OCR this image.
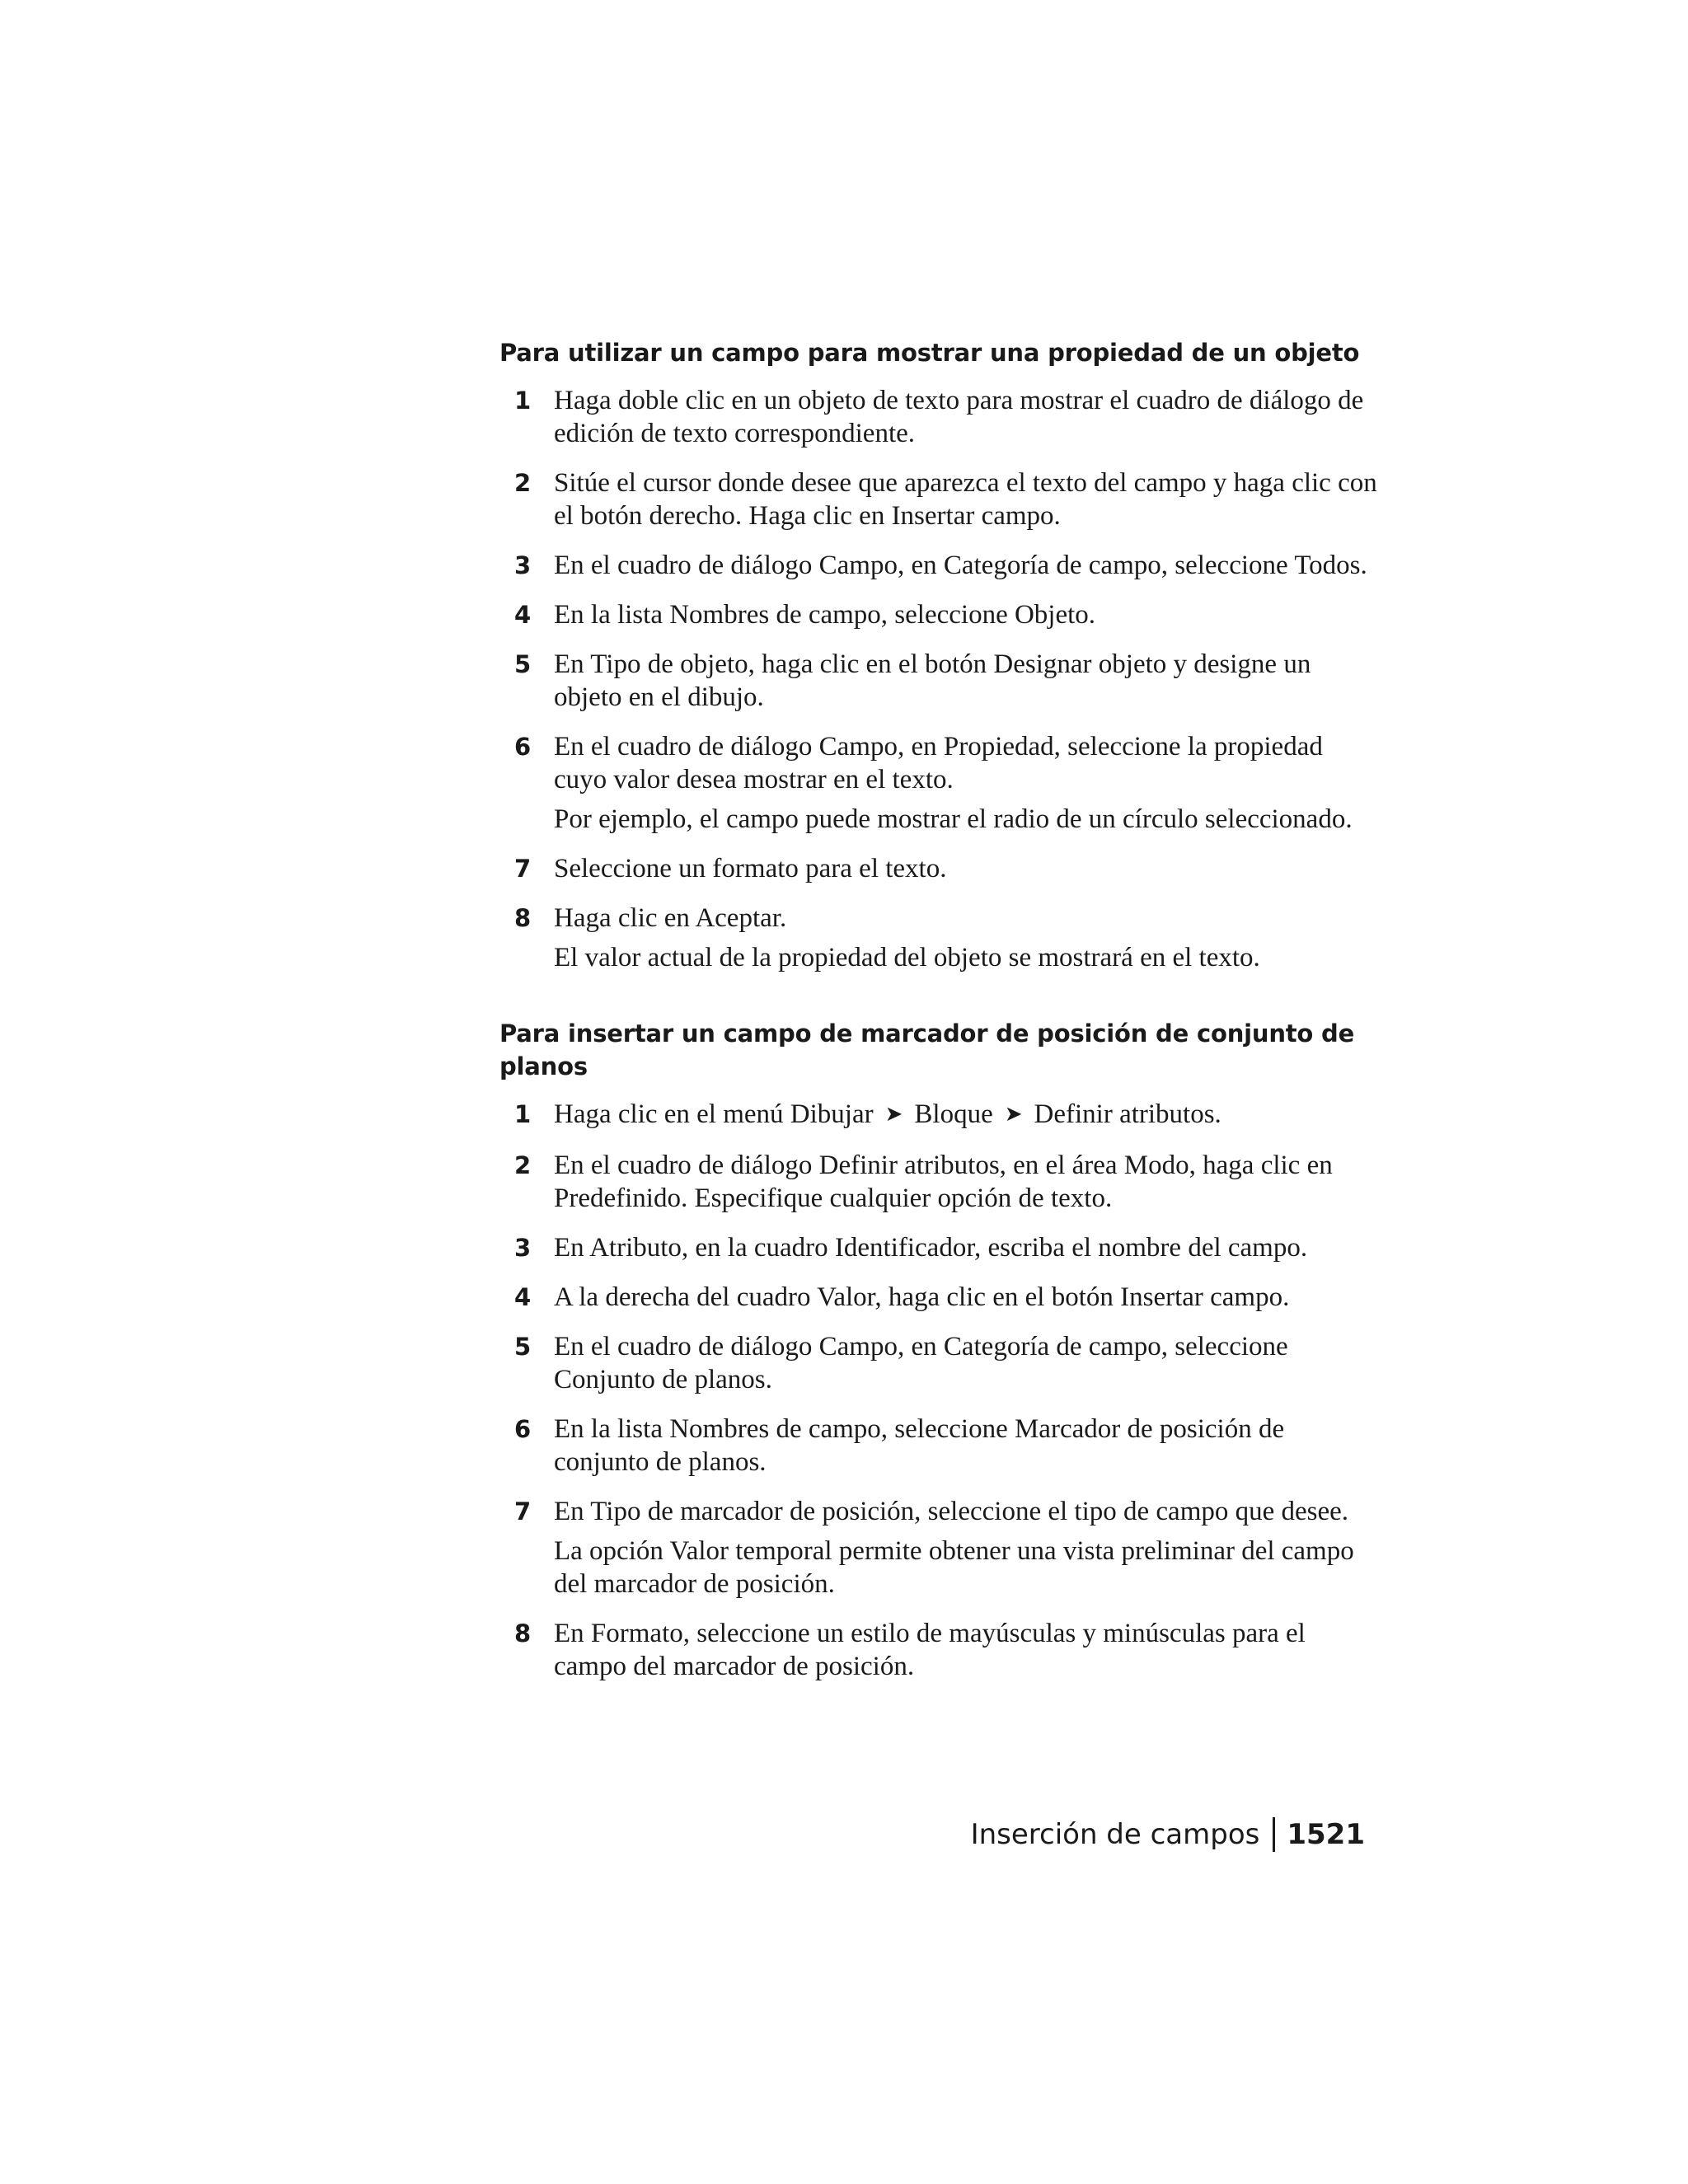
Para utilizar un campo para mostrar una propiedad de un objeto
1 Haga doble clic en un objeto de texto para mostrar el cuadro de diálogo de edición de texto correspondiente.

2 Sitúe el cursor donde desee que aparezca el texto del campo y haga clic con el botón derecho. Haga clic en Insertar campo.

3 En el cuadro de diálogo Campo, en Categoría de campo, seleccione Todos.

4 En la lista Nombres de campo, seleccione Objeto.

5 En Tipo de objeto, haga clic en el botón Designar objeto y designe un objeto en el dibujo.

6 En el cuadro de diálogo Campo, en Propiedad, seleccione la propiedad cuyo valor desea mostrar en el texto.

Por ejemplo, el campo puede mostrar el radio de un círculo seleccionado.

7 Seleccione un formato para el texto.

8 Haga clic en Aceptar.

El valor actual de la propiedad del objeto se mostrará en el texto.

Para insertar un campo de marcador de posición de conjunto de planos
1 Haga clic en el menú Dibujar ➤ Bloque ➤ Definir atributos.

2 En el cuadro de diálogo Definir atributos, en el área Modo, haga clic en Predefinido. Especifique cualquier opción de texto.

3 En Atributo, en la cuadro Identificador, escriba el nombre del campo.

4 A la derecha del cuadro Valor, haga clic en el botón Insertar campo.

5 En el cuadro de diálogo Campo, en Categoría de campo, seleccione Conjunto de planos.

6 En la lista Nombres de campo, seleccione Marcador de posición de conjunto de planos.

7 En Tipo de marcador de posición, seleccione el tipo de campo que desee.

La opción Valor temporal permite obtener una vista preliminar del campo del marcador de posición.

8 En Formato, seleccione un estilo de mayúsculas y minúsculas para el campo del marcador de posición.

Inserción de campos 1521
